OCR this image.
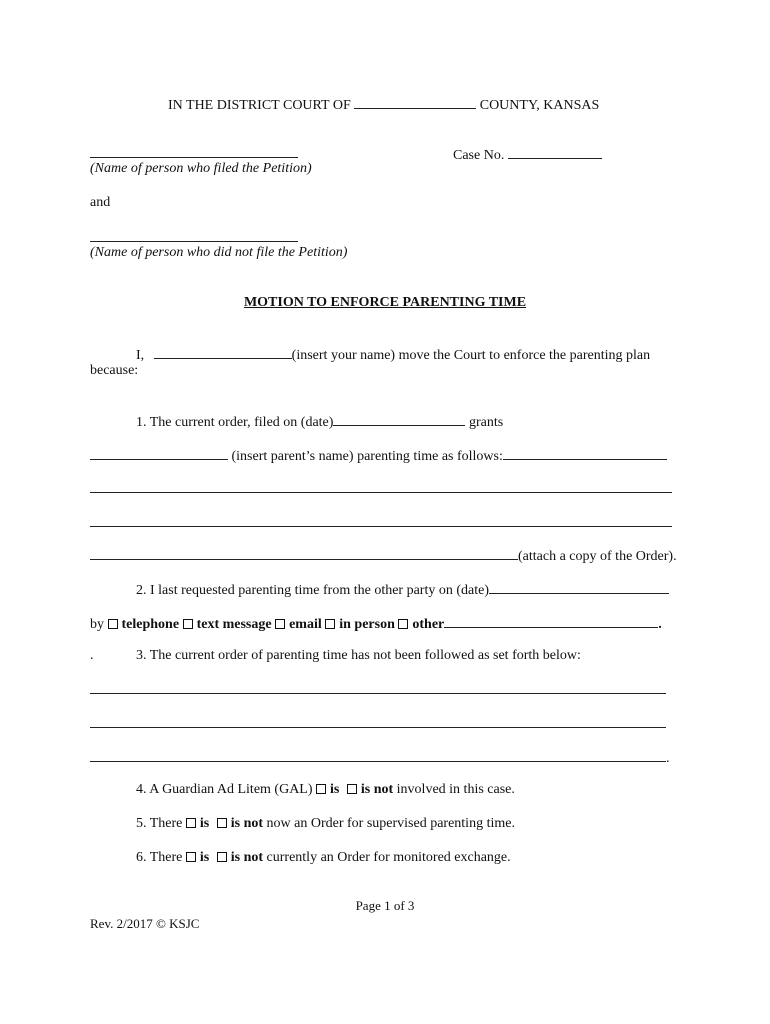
IN THE DISTRICT COURT OF	COUNTY, KANSAS
Case No.
(Name of person who filed the Petition)
and
(Name of person who did not file the Petition)
MOTION TO ENFORCE PARENTING TIME
I,	(insert your name) move the Court to enforce the parenting plan
because:
1. The current order, filed on (date)	grants
(insert parent’s name) parenting time as follows:
(attach a copy of the Order).
2. I last requested parenting time from the other party on (date)
by telephone text message email in person other	.
.	3. The current order of parenting time has not been followed as set forth below:
.
4. A Guardian Ad Litem (GAL) is is not involved in this case.
5. There is is not now an Order for supervised parenting time.
6. There is is not currently an Order for monitored exchange.
Page 1 of 3
Rev. 2/2017 © KSJC
